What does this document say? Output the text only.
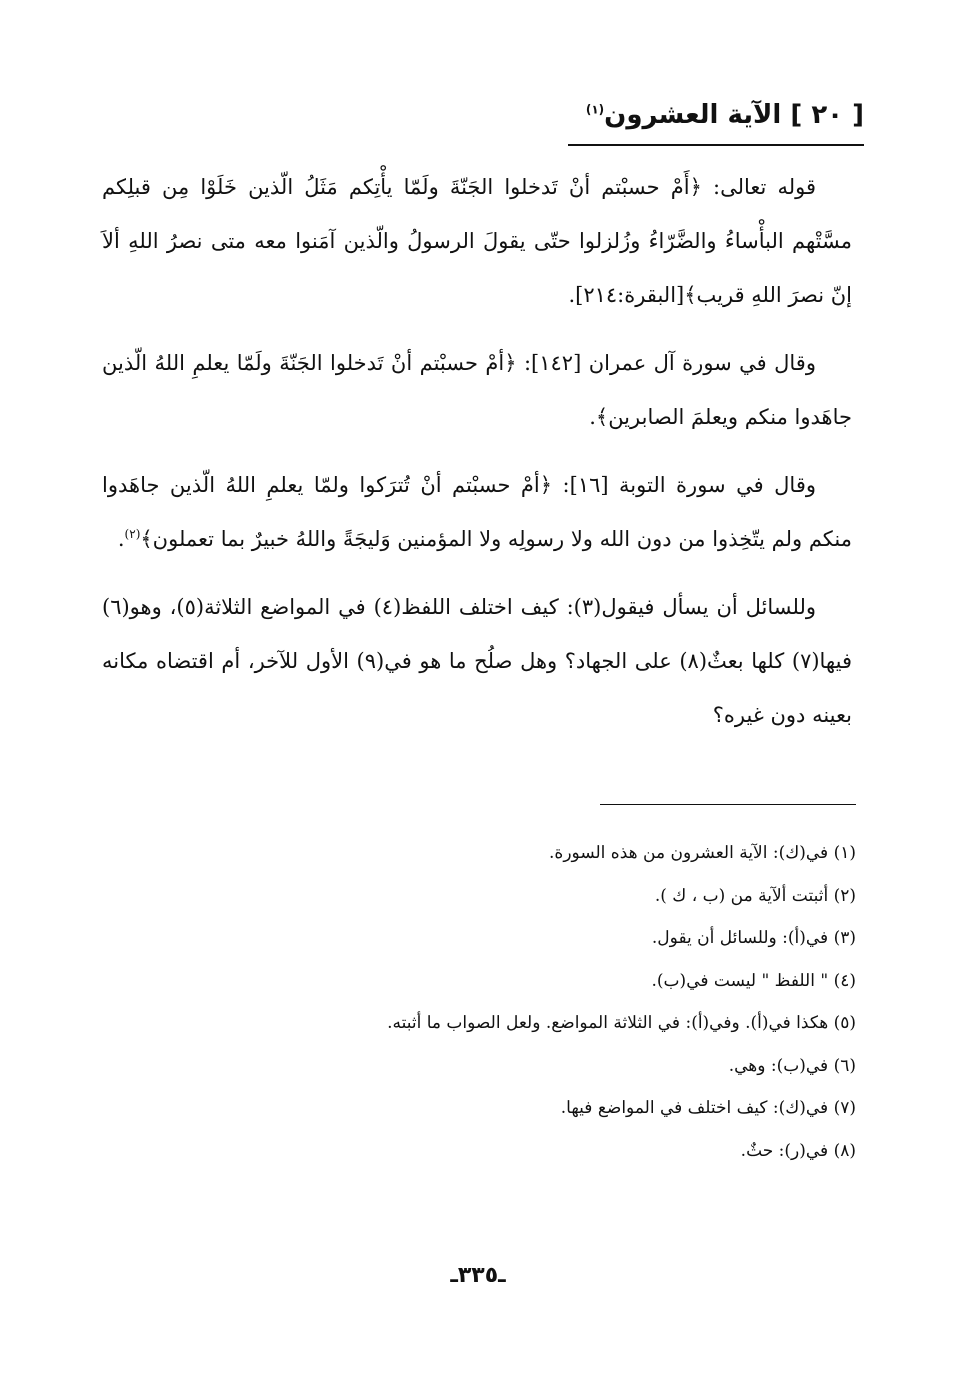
[ ٢٠ ] الآية العشرون$^{(١)}$

قوله تعالى: ﴿أَمْ حسبْتم أنْ تَدخلوا الجَنّةَ ولَمّا يأْتِكم مَثَلُ الّذين خَلَوْا مِن قبلِكم مسَّتْهم البأْساءُ والضَّرّاءُ وزُلزلوا حتّى يقولَ الرسولُ والّذين آمَنوا معه متى نصرُ اللهِ ألاَ إنّ نصرَ اللهِ قريب﴾[البقرة:٢١٤].

وقال في سورة آل عمران [١٤٢]: ﴿أمْ حسبْتم أنْ تَدخلوا الجَنّةَ ولَمّا يعلمِ اللهُ الّذين جاهَدوا منكم ويعلمَ الصابرين﴾.

وقال في سورة التوبة [١٦]: ﴿أمْ حسبْتم أنْ تُترَكوا ولمّا يعلمِ اللهُ الّذين جاهَدوا منكم ولم يتّخِذوا من دون الله ولا رسولِه ولا المؤمنين وَليجَةً واللهُ خبيرٌ بما تعملون﴾$^{(٢)}$.

وللسائل أن يسأل فيقول(٣): كيف اختلف اللفظ(٤) في المواضع الثلاثة(٥)، وهو(٦) فيها(٧) كلها بعثٌ(٨) على الجهاد؟ وهل صلُح ما هو في(٩) الأول للآخر، أم اقتضاه مكانه بعينه دون غيره؟

(١) في(ك): الآية العشرون من هذه السورة.
(٢) أثبتت ألآية من (ب ، ك ).
(٣) في(أ): وللسائل أن يقول.
(٤) " اللفظ " ليست في(ب).
(٥) هكذا في(أ). وفي(أ): في الثلاثة المواضع. ولعل الصواب ما أثبته.
(٦) في(ب): وهي.
(٧) في(ك): كيف اختلف في المواضع فيها.
(٨) في(ر): حثٌ.
ـ٣٣٥ـ
